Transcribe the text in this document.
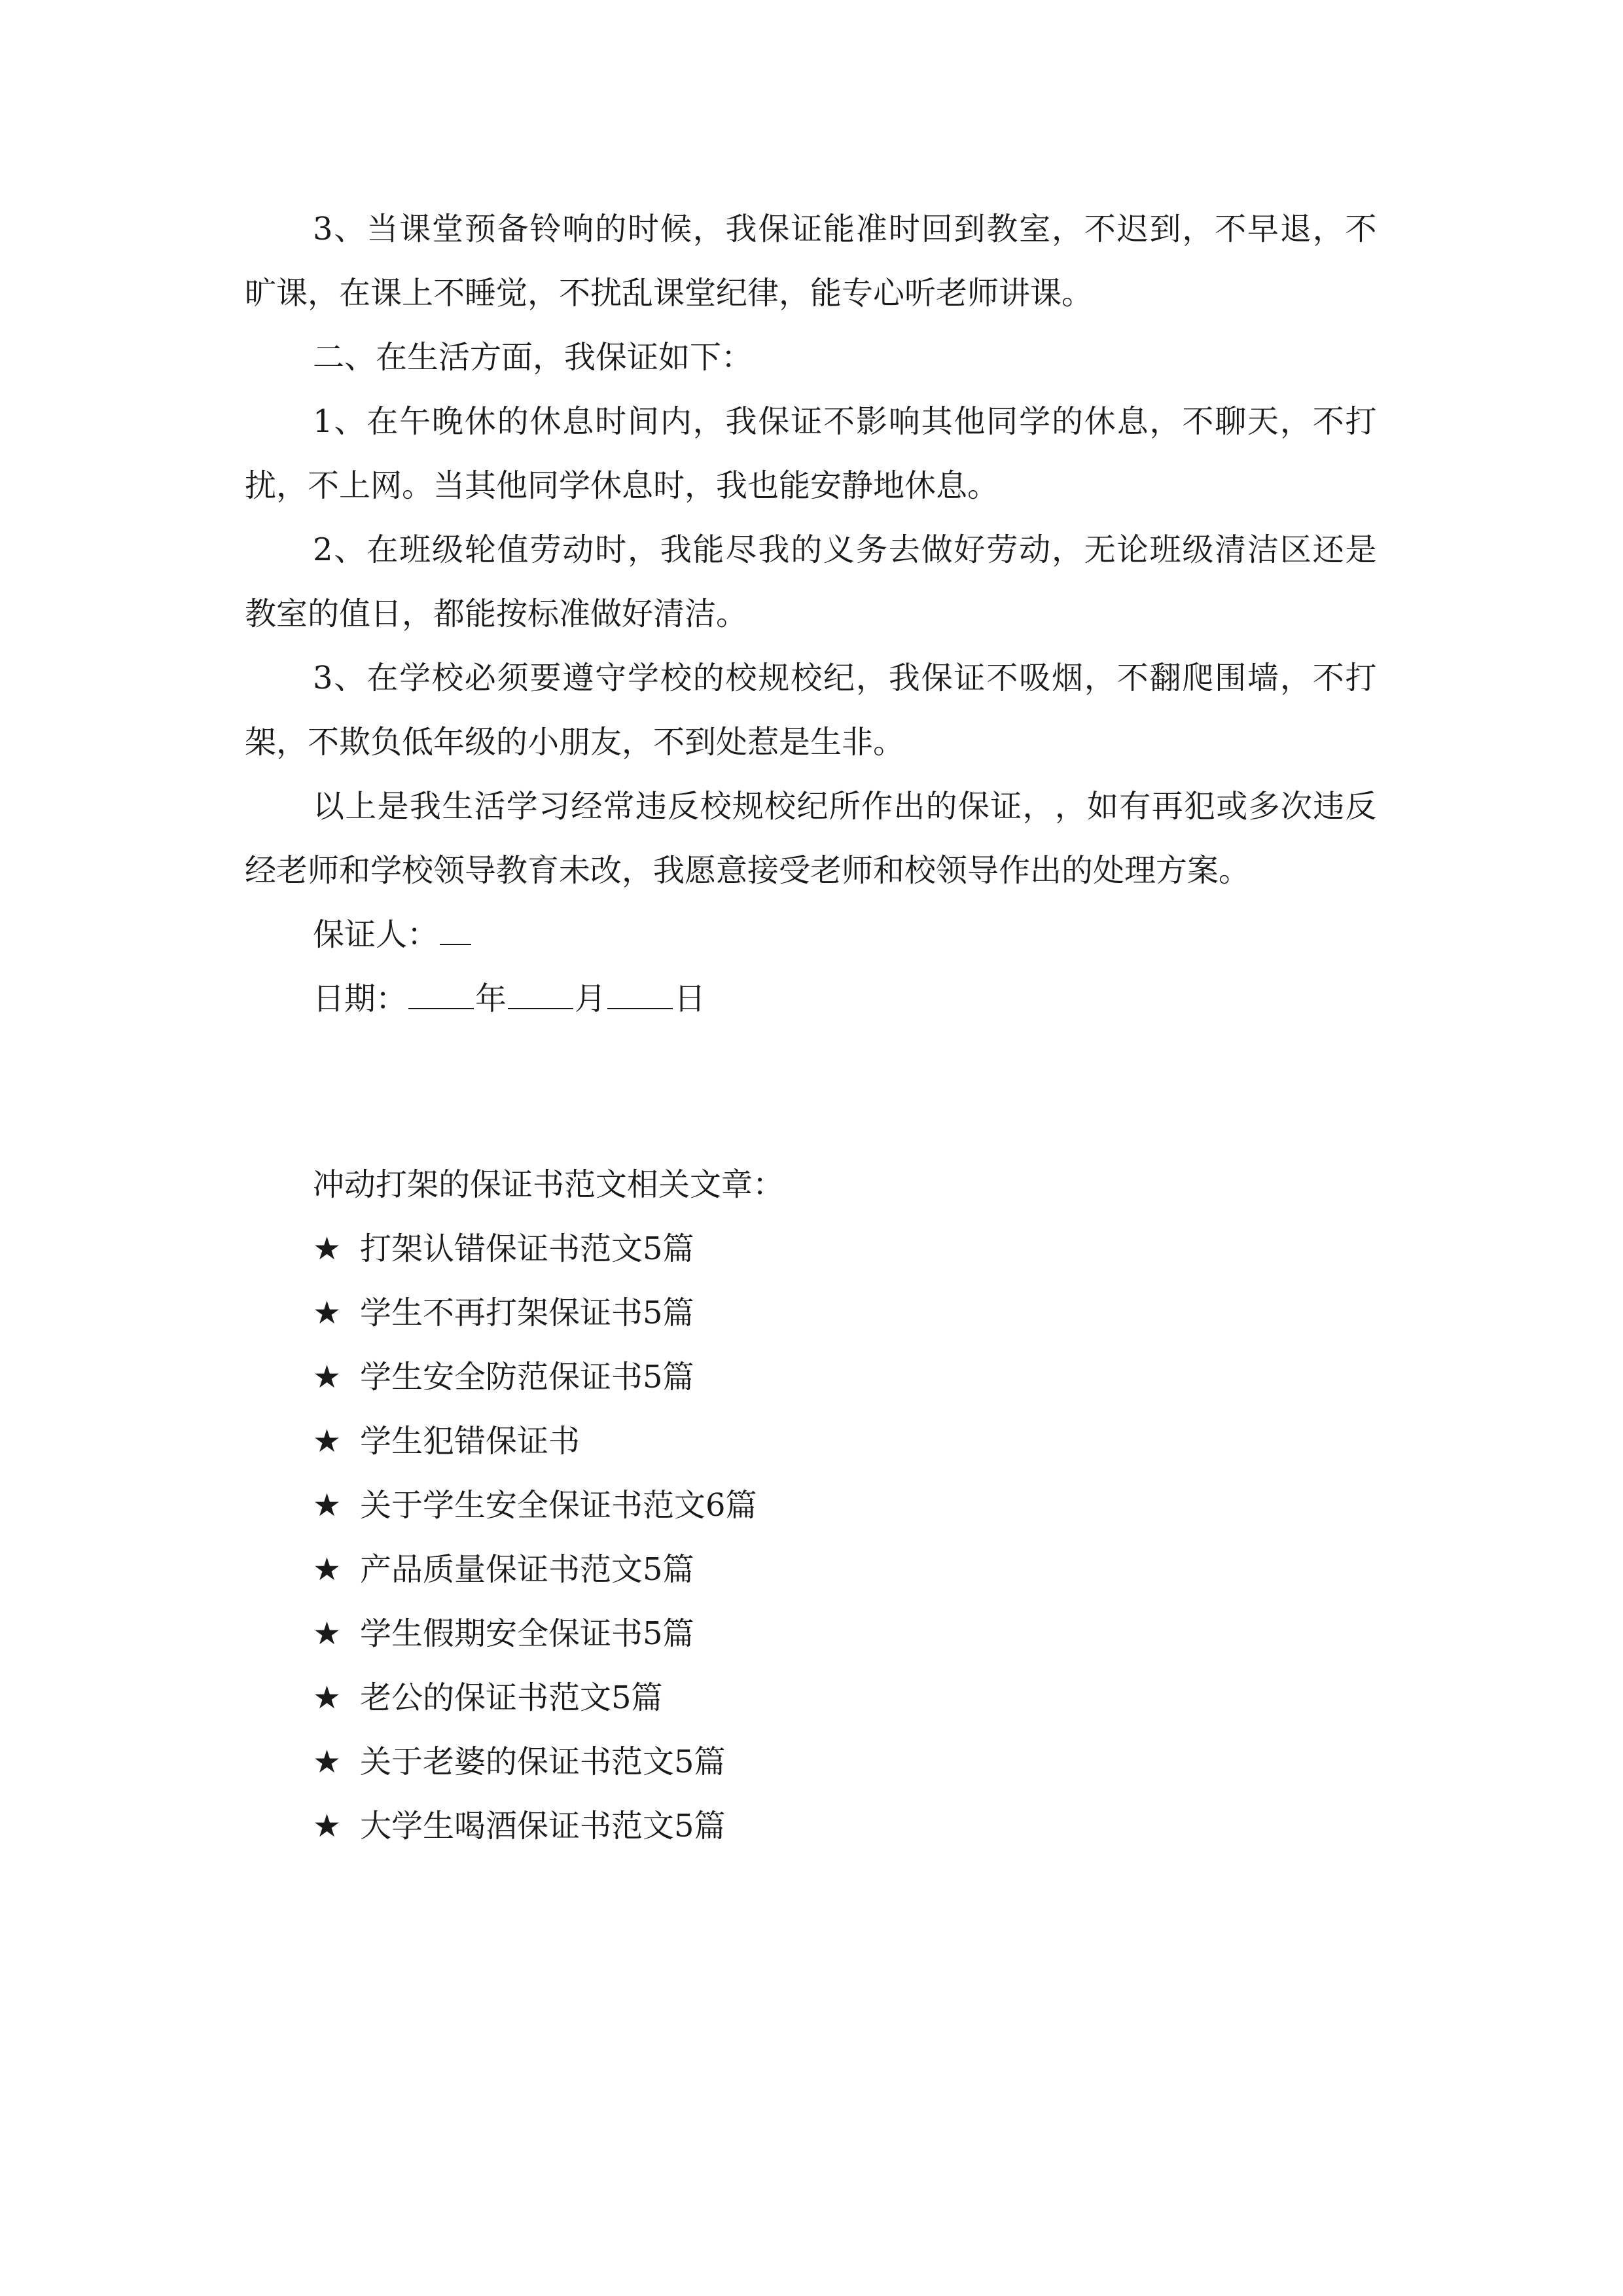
3 、 当 课 堂 预 备 铃 响 的 时 候 ， 我 保 证 能 准 时 回 到 教 室 ， 不 迟 到 ， 不 早 退 ， 不
旷课，在课上不睡觉，不扰乱课堂纪律，能专心听老师讲课。
二、在生活方面，我保证如下：
1 、 在 午 晚 休 的 休 息 时 间 内 ， 我 保 证 不 影 响 其 他 同 学 的 休 息 ， 不 聊 天 ， 不 打
扰，不上网。当其他同学休息时，我也能安静地休息。
2 、 在 班 级 轮 值 劳 动 时 ， 我 能 尽 我 的 义 务 去 做 好 劳 动 ， 无 论 班 级 清 洁 区 还 是
教室的值日，都能按标准做好清洁。
3 、 在 学 校 必 须 要 遵 守 学 校 的 校 规 校 纪 ， 我 保 证 不 吸 烟 ， 不 翻 爬 围 墙 ， 不 打
架，不欺负低年级的小朋友，不到处惹是生非。
以 上 是 我 生 活 学 习 经 常 违 反 校 规 校 纪 所 作 出 的 保 证 ， ， 如 有 再 犯 或 多 次 违 反
经老师和学校领导教育未改，我愿意接受老师和校领导作出的处理方案。
保证人：
日期： 年 月 日
冲动打架的保证书范文相关文章：
★ 打架认错保证书范文5篇
★ 学生不再打架保证书5篇
★ 学生安全防范保证书5篇
★ 学生犯错保证书
★ 关于学生安全保证书范文6篇
★ 产品质量保证书范文5篇
★ 学生假期安全保证书5篇
★ 老公的保证书范文5篇
★ 关于老婆的保证书范文5篇
★ 大学生喝酒保证书范文5篇
